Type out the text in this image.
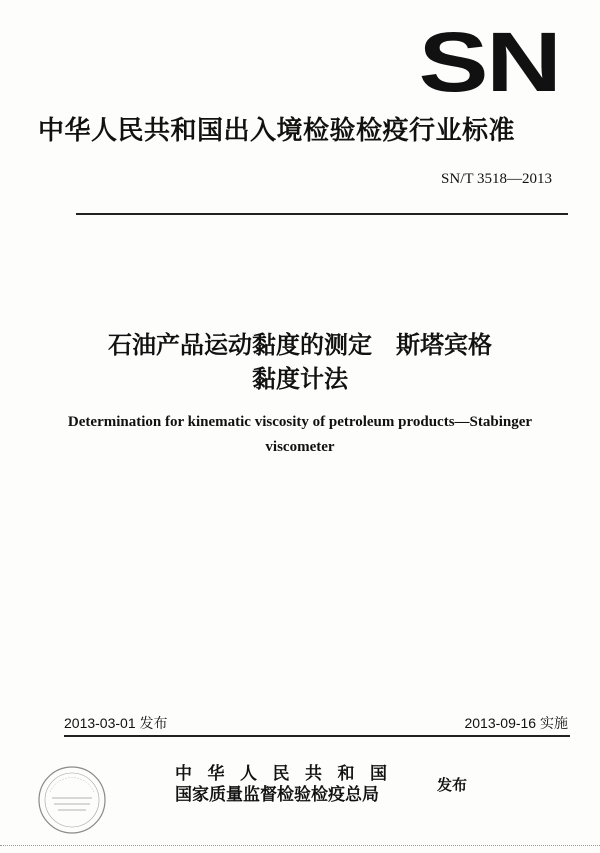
SN
中华人民共和国出入境检验检疫行业标准
SN/T 3518—2013
石油产品运动黏度的测定　斯塔宾格
黏度计法
Determination for kinematic viscosity of petroleum products—Stabinger
viscometer
2013-03-01 发布	2013-09-16 实施
中华人民共和国
国家质量监督检验检疫总局	发布
